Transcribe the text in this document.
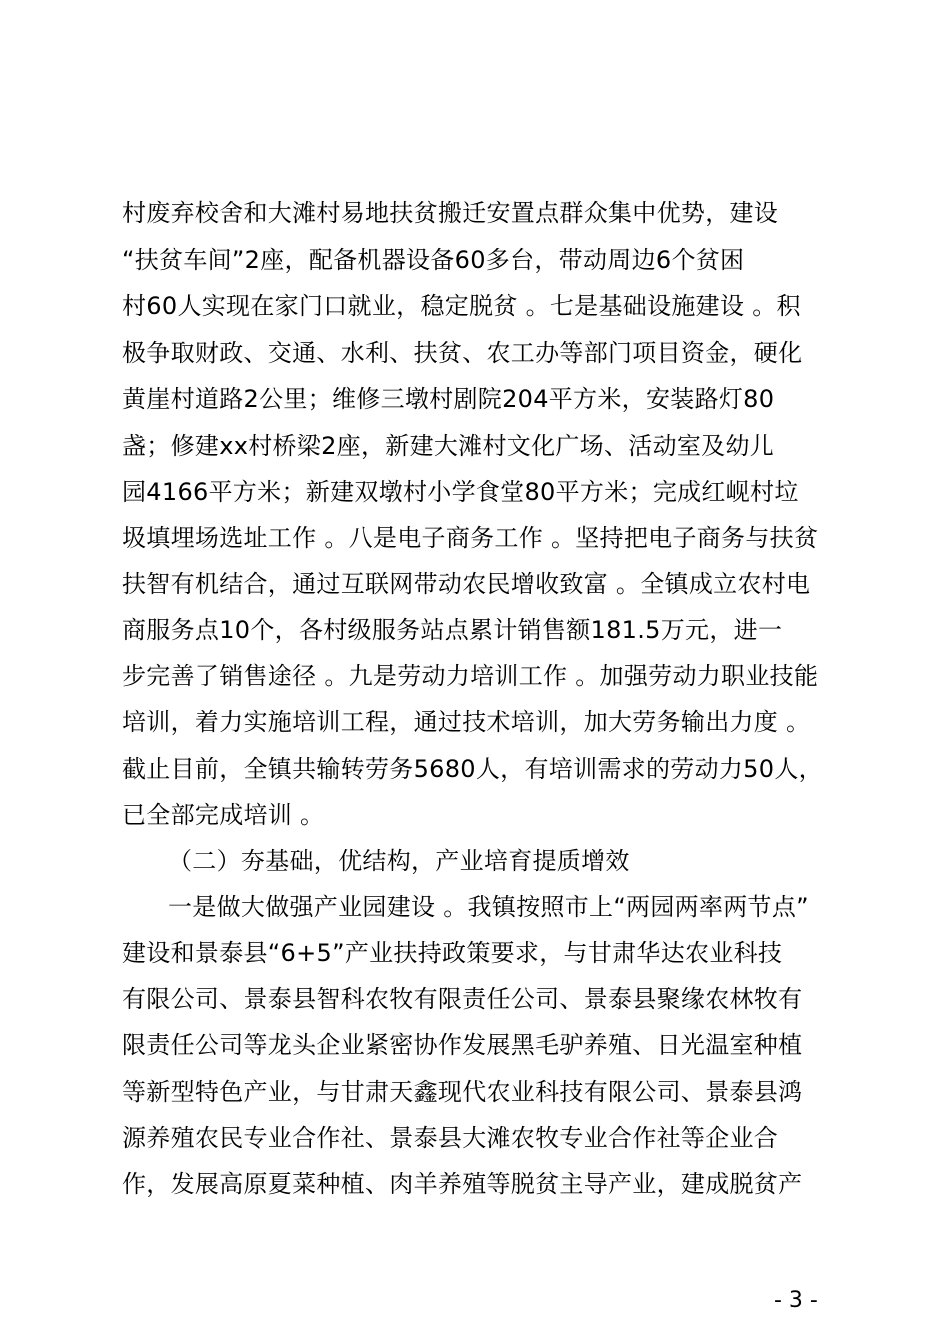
村废弃校舍和大滩村易地扶贫搬迁安置点群众集中优势，建设
“扶贫车间”2座，配备机器设备60多台，带动周边6个贫困
村60人实现在家门口就业，稳定脱贫 。七是基础设施建设 。积
极争取财政、交通、水利、扶贫、农工办等部门项目资金，硬化
黄崖村道路2公里；维修三墩村剧院204平方米，安装路灯80
盏；修建xx村桥梁2座，新建大滩村文化广场、活动室及幼儿
园4166平方米；新建双墩村小学食堂80平方米；完成红岘村垃
圾填埋场选址工作 。八是电子商务工作 。坚持把电子商务与扶贫
扶智有机结合，通过互联网带动农民增收致富 。全镇成立农村电
商服务点10个，各村级服务站点累计销售额181.5万元，进一
步完善了销售途径 。九是劳动力培训工作 。加强劳动力职业技能
培训，着力实施培训工程，通过技术培训，加大劳务输出力度 。
截止目前，全镇共输转劳务5680人，有培训需求的劳动力50人，
已全部完成培训 。
（二）夯基础，优结构，产业培育提质增效
一是做大做强产业园建设 。我镇按照市上“两园两率两节点”
建设和景泰县“6+5”产业扶持政策要求，与甘肃华达农业科技
有限公司、景泰县智科农牧有限责任公司、景泰县聚缘农林牧有
限责任公司等龙头企业紧密协作发展黑毛驴养殖、日光温室种植
等新型特色产业，与甘肃天鑫现代农业科技有限公司、景泰县鸿
源养殖农民专业合作社、景泰县大滩农牧专业合作社等企业合
作，发展高原夏菜种植、肉羊养殖等脱贫主导产业，建成脱贫产
- 3 -
